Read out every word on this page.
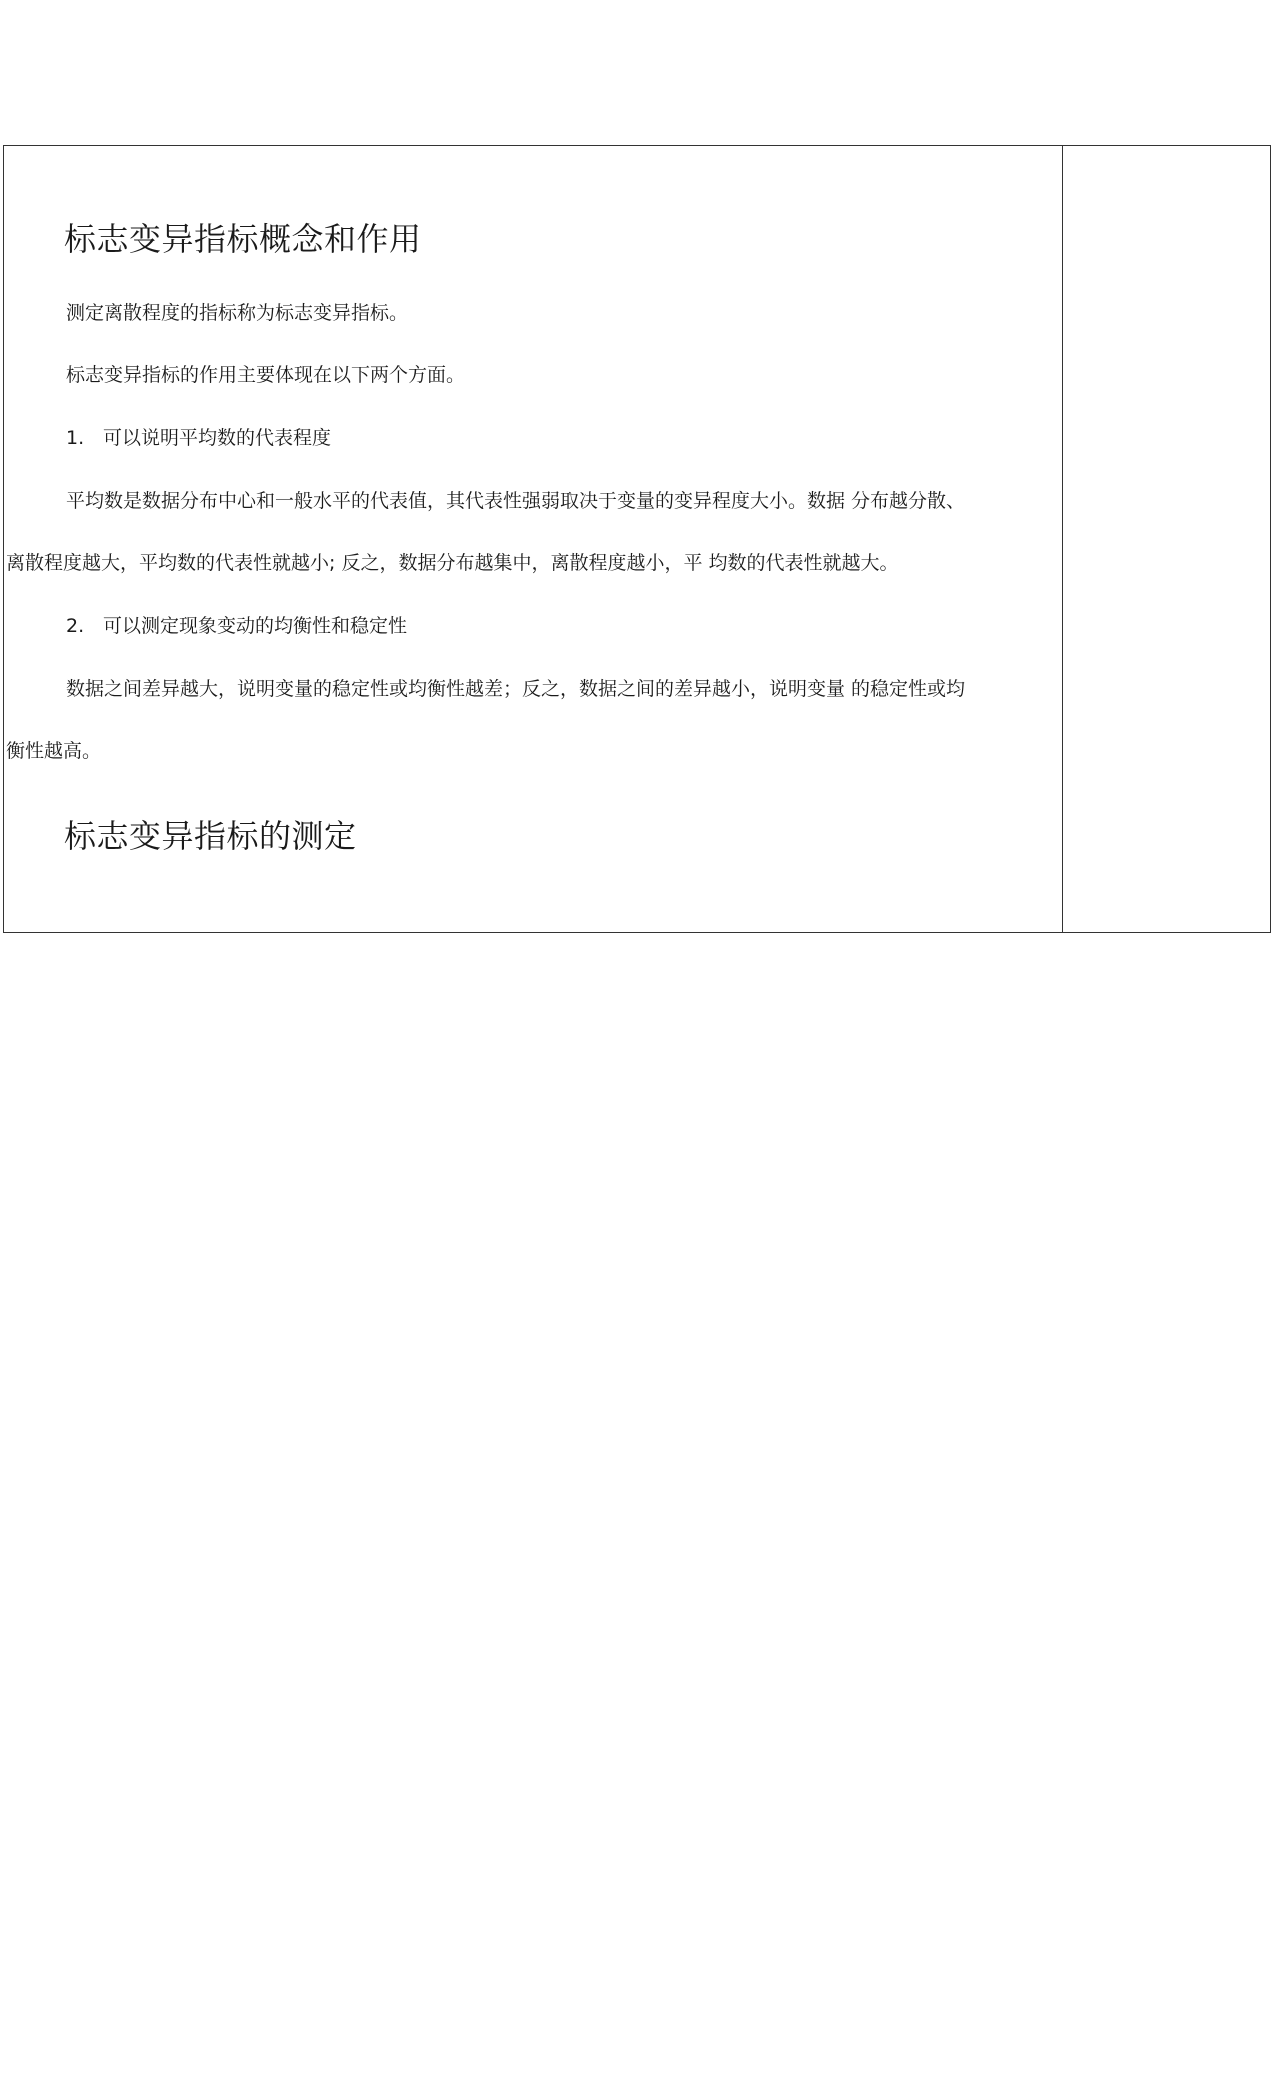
标志变异指标概念和作用

测定离散程度的指标称为标志变异指标。

标志变异指标的作用主要体现在以下两个方面。

1. 可以说明平均数的代表程度

平均数是数据分布中心和一般水平的代表值，其代表性强弱取决于变量的变异程度大小。数据 分布越分散、

离散程度越大，平均数的代表性就越小; 反之，数据分布越集中，离散程度越小，平 均数的代表性就越大。

2. 可以测定现象变动的均衡性和稳定性

数据之间差异越大，说明变量的稳定性或均衡性越差；反之，数据之间的差异越小，说明变量 的稳定性或均

衡性越高。

标志变异指标的测定
